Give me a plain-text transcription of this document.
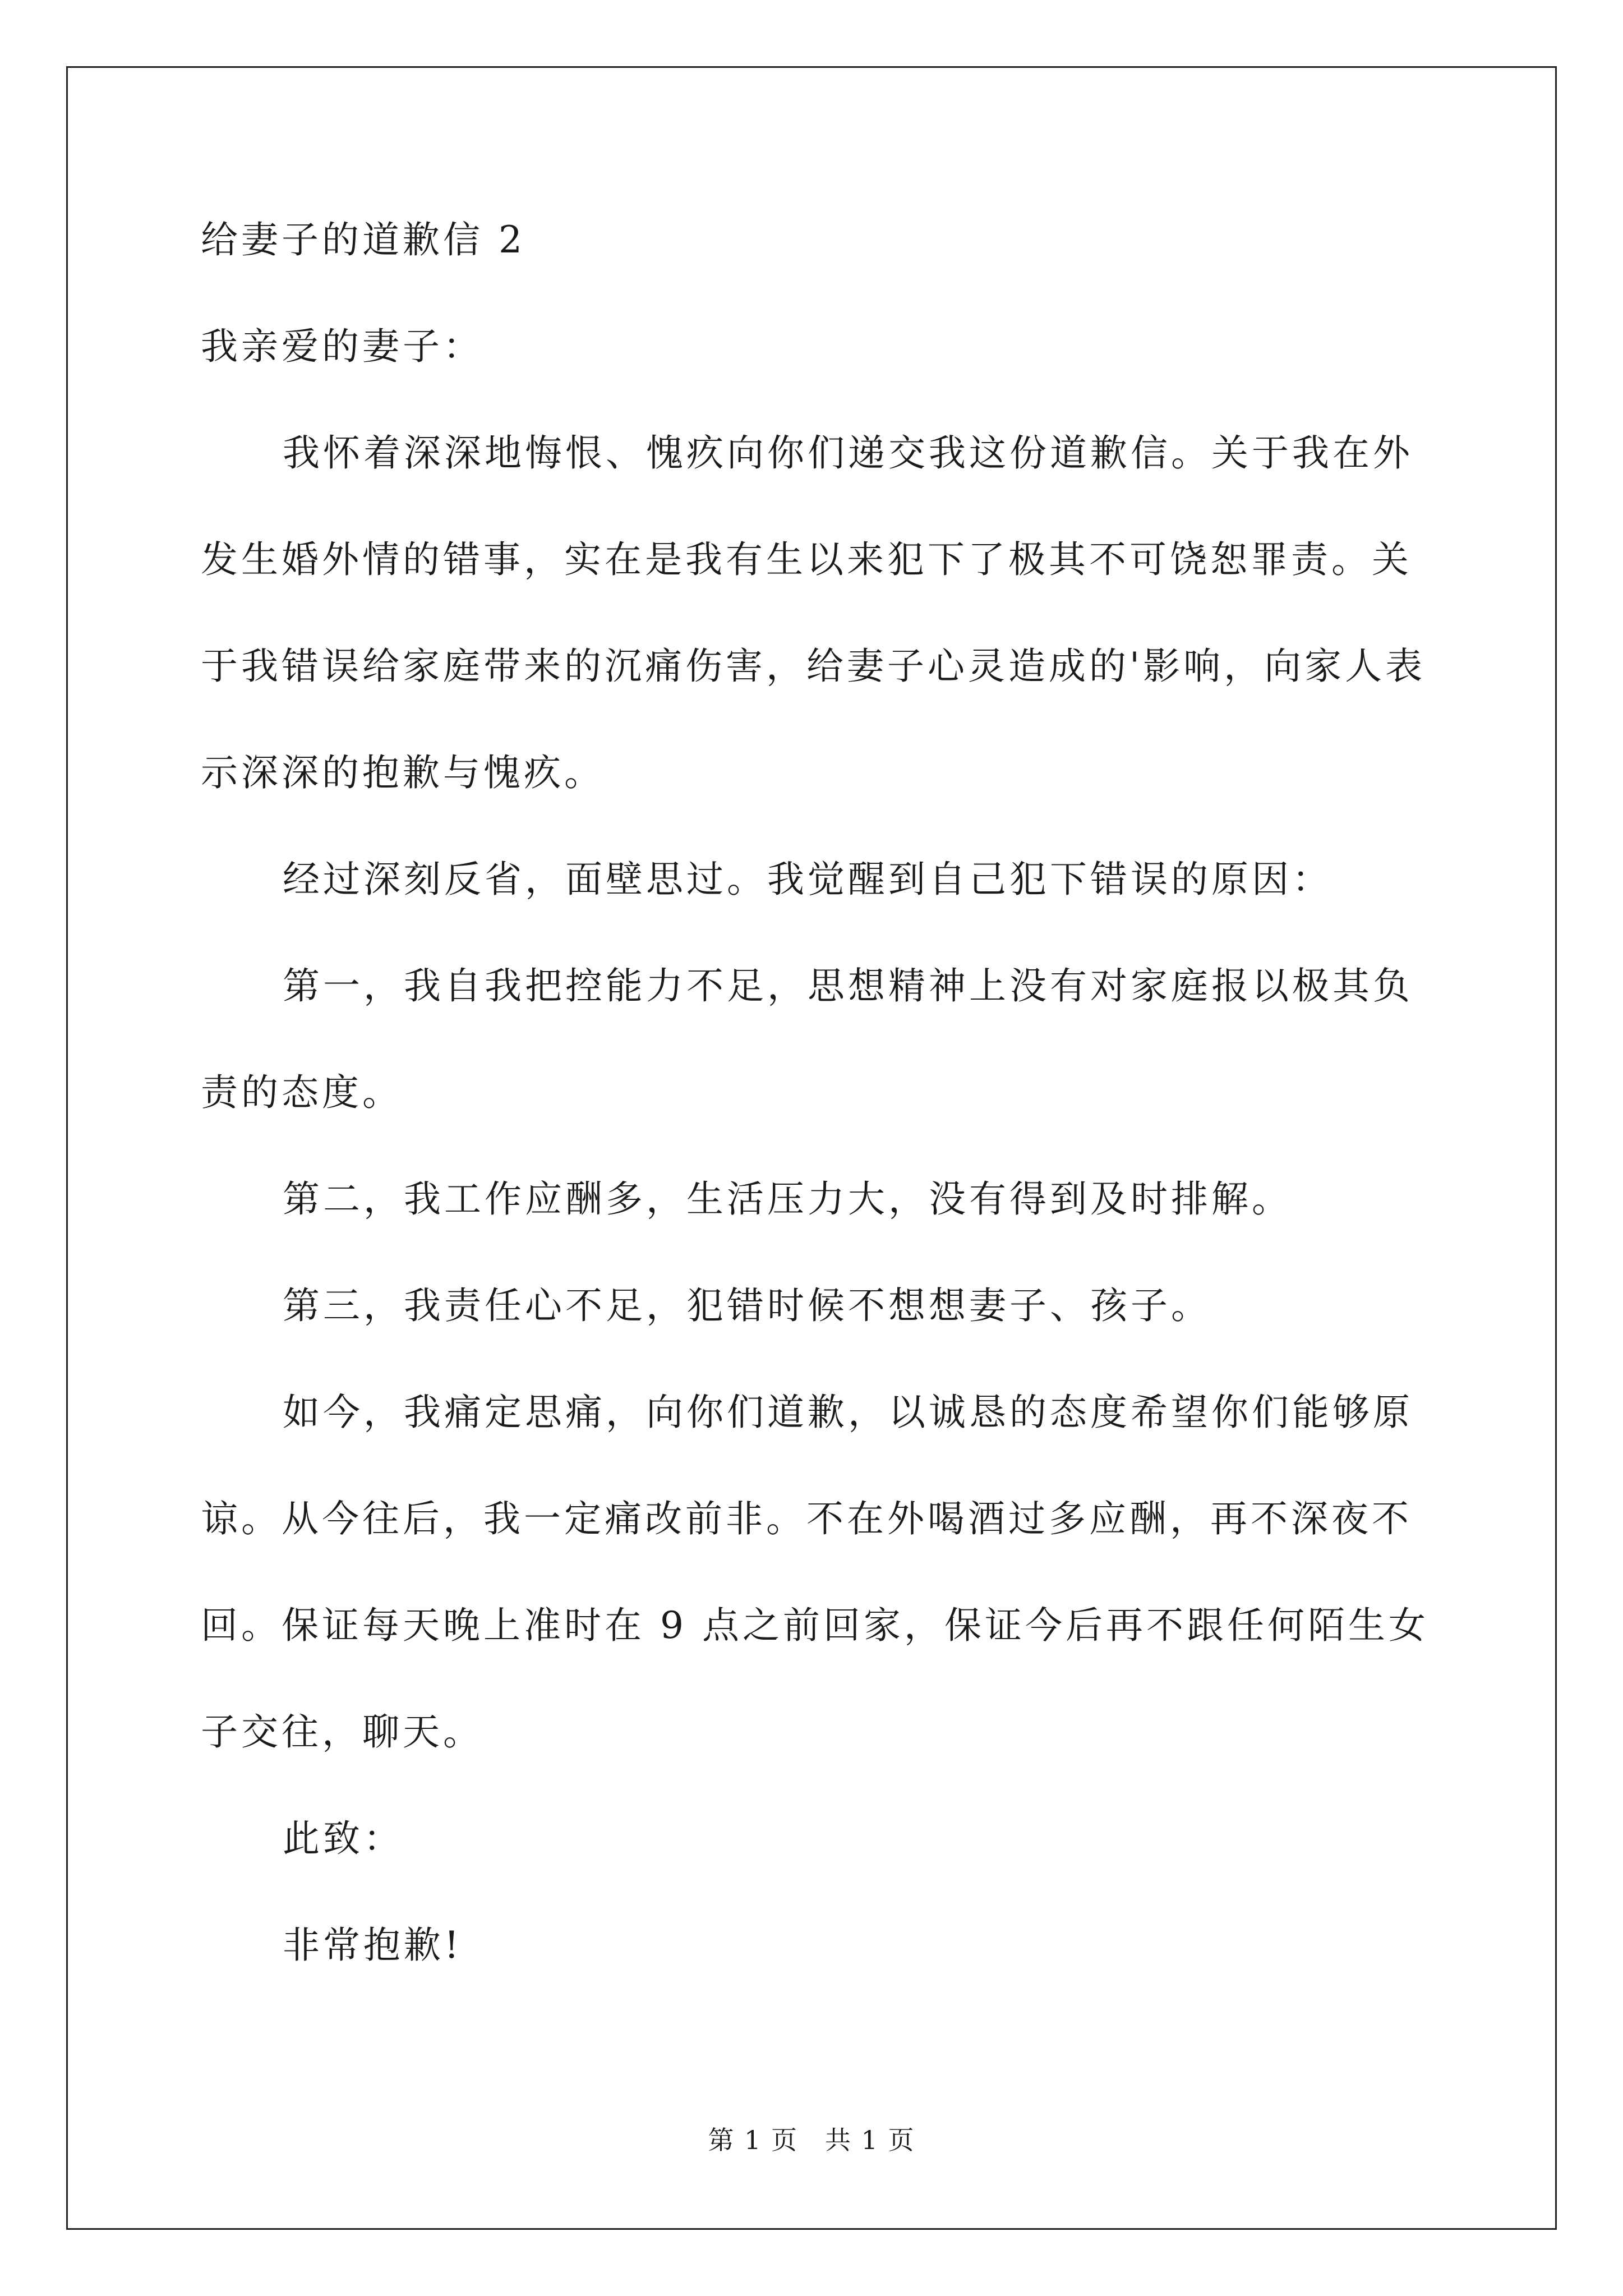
给妻子的道歉信 2
我亲爱的妻子：
我怀着深深地悔恨、愧疚向你们递交我这份道歉信。关于我在外
发生婚外情的错事，实在是我有生以来犯下了极其不可饶恕罪责。关
于我错误给家庭带来的沉痛伤害，给妻子心灵造成的'影响，向家人表
示深深的抱歉与愧疚。
经过深刻反省，面壁思过。我觉醒到自己犯下错误的原因：
第一，我自我把控能力不足，思想精神上没有对家庭报以极其负
责的态度。
第二，我工作应酬多，生活压力大，没有得到及时排解。
第三，我责任心不足，犯错时候不想想妻子、孩子。
如今，我痛定思痛，向你们道歉，以诚恳的态度希望你们能够原
谅。从今往后，我一定痛改前非。不在外喝酒过多应酬，再不深夜不
回。保证每天晚上准时在 9 点之前回家，保证今后再不跟任何陌生女
子交往，聊天。
此致：
非常抱歉!
第 1 页　共 1 页
